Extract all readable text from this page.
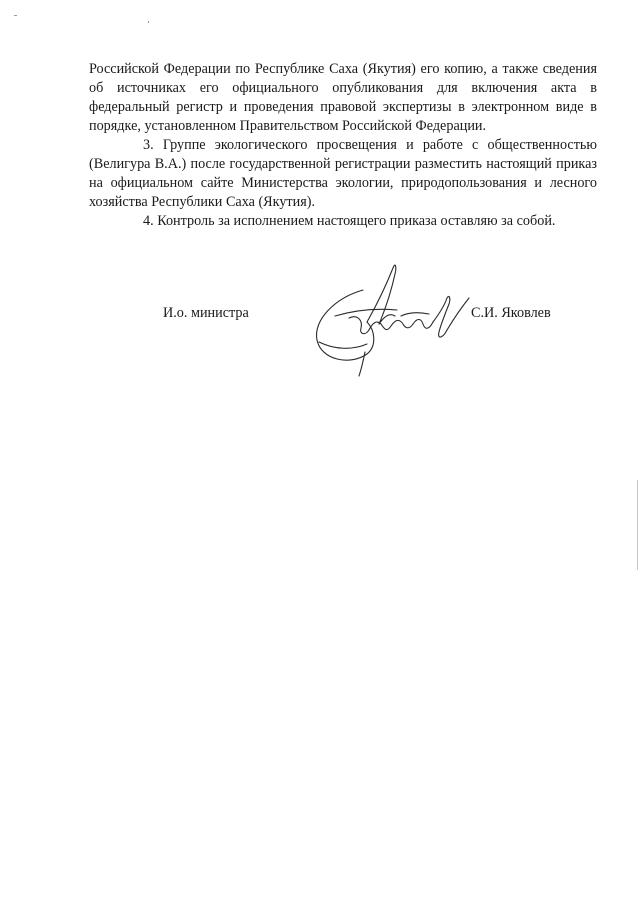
Российской Федерации по Республике Саха (Якутия) его копию, а также сведения об источниках его официального опубликования для включения акта в федеральный регистр и проведения правовой экспертизы в электронном виде в порядке, установленном Правительством Российской Федерации.

3. Группе экологического просвещения и работе с общественностью (Велигура В.А.) после государственной регистрации разместить настоящий приказ на официальном сайте Министерства экологии, природопользования и лесного хозяйства Республики Саха (Якутия).

4. Контроль за исполнением настоящего приказа оставляю за собой.

И.о. министра	С.И. Яковлев
